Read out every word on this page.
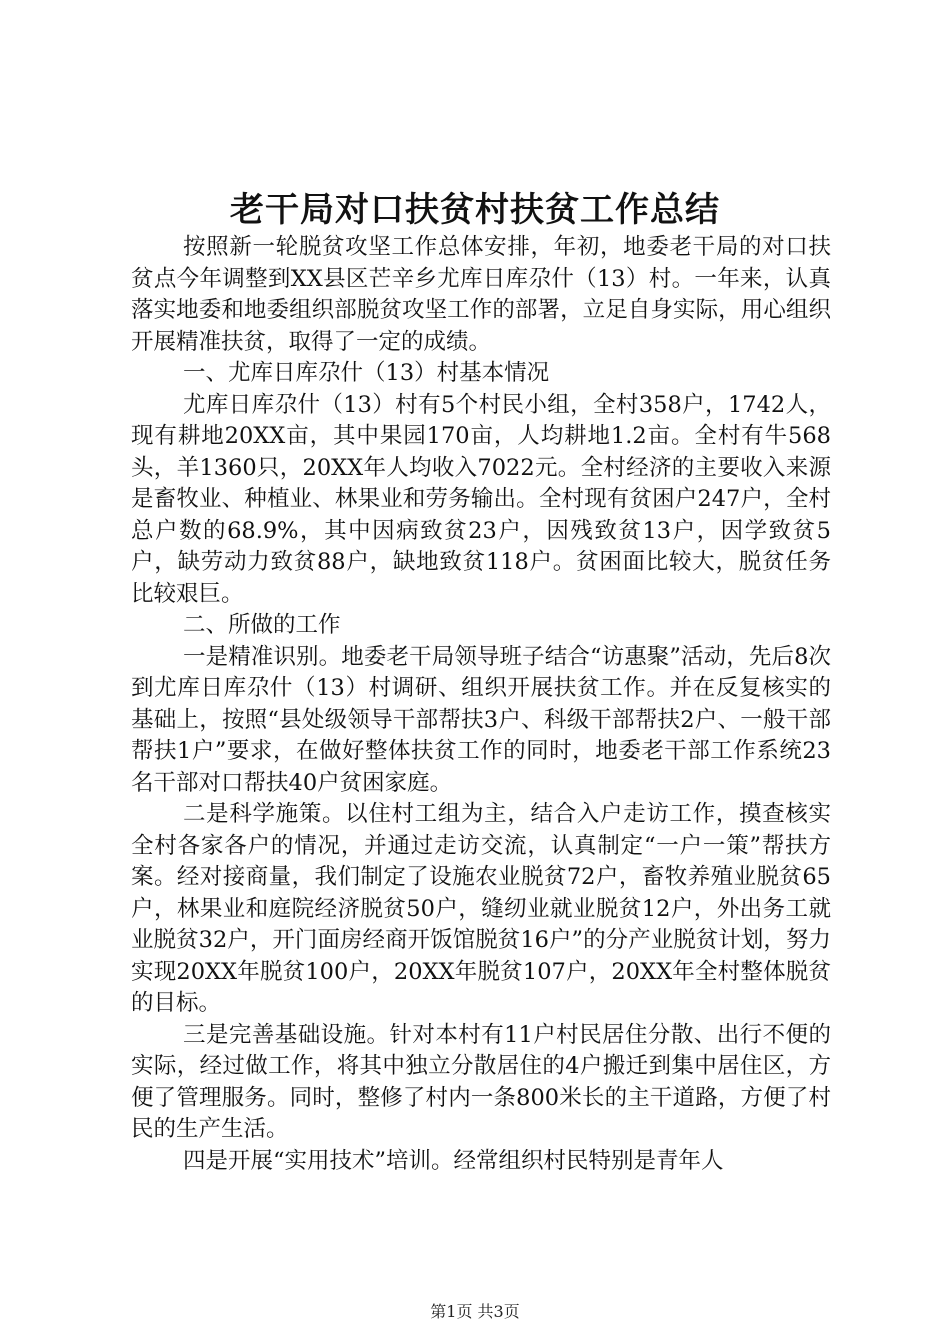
老干局对口扶贫村扶贫工作总结

按照新一轮脱贫攻坚工作总体安排，年初，地委老干局的对口扶贫点今年调整到XX县区芒辛乡尤库日库尕什（13）村。一年来，认真落实地委和地委组织部脱贫攻坚工作的部署，立足自身实际，用心组织开展精准扶贫，取得了一定的成绩。

一、尤库日库尕什（13）村基本情况

尤库日库尕什（13）村有5个村民小组，全村358户，1742人，现有耕地20XX亩，其中果园170亩，人均耕地1.2亩。全村有牛568头，羊1360只，20XX年人均收入7022元。全村经济的主要收入来源是畜牧业、种植业、林果业和劳务输出。全村现有贫困户247户，全村总户数的68.9%，其中因病致贫23户，因残致贫13户，因学致贫5户，缺劳动力致贫88户，缺地致贫118户。贫困面比较大，脱贫任务比较艰巨。

二、所做的工作

一是精准识别。地委老干局领导班子结合“访惠聚”活动，先后8次到尤库日库尕什（13）村调研、组织开展扶贫工作。并在反复核实的基础上，按照“县处级领导干部帮扶3户、科级干部帮扶2户、一般干部帮扶1户”要求，在做好整体扶贫工作的同时，地委老干部工作系统23名干部对口帮扶40户贫困家庭。

二是科学施策。以住村工组为主，结合入户走访工作，摸查核实全村各家各户的情况，并通过走访交流，认真制定“一户一策”帮扶方案。经对接商量，我们制定了设施农业脱贫72户，畜牧养殖业脱贫65户，林果业和庭院经济脱贫50户，缝纫业就业脱贫12户，外出务工就业脱贫32户，开门面房经商开饭馆脱贫16户”的分产业脱贫计划，努力实现20XX年脱贫100户，20XX年脱贫107户，20XX年全村整体脱贫的目标。

三是完善基础设施。针对本村有11户村民居住分散、出行不便的实际，经过做工作，将其中独立分散居住的4户搬迁到集中居住区，方便了管理服务。同时，整修了村内一条800米长的主干道路，方便了村民的生产生活。

四是开展“实用技术”培训。经常组织村民特别是青年人

第1页 共3页
